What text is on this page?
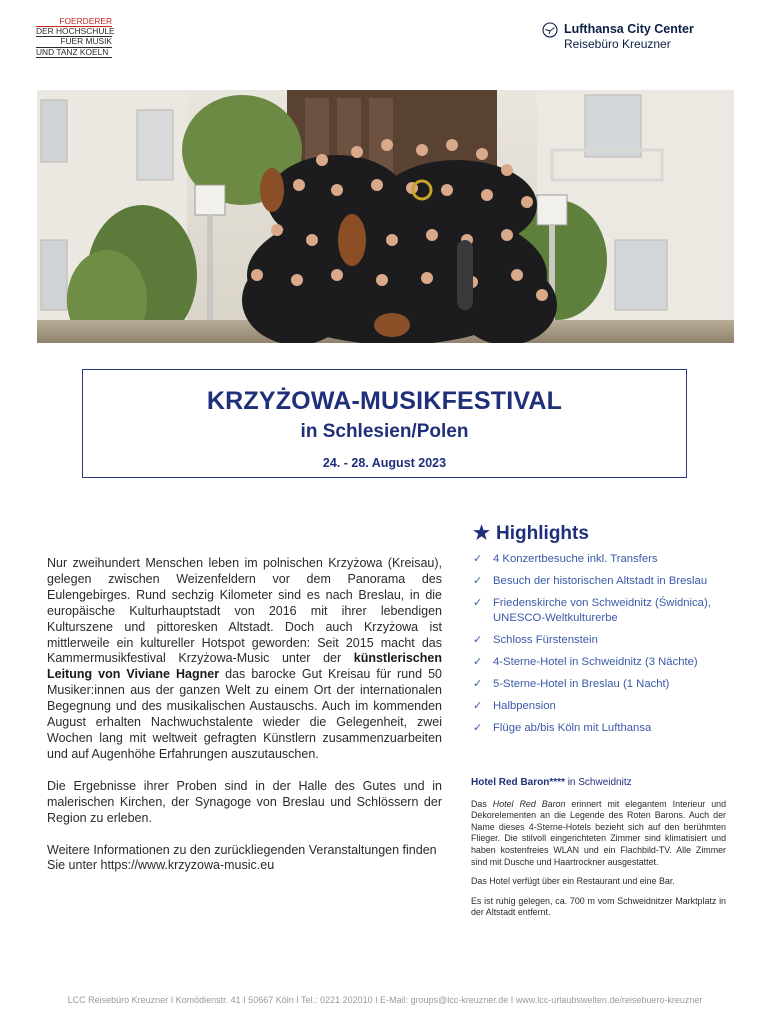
FOERDERER
DER HOCHSCHULE
FUER MUSIK
UND TANZ KOELN
Lufthansa City Center
Reisebüro Kreuzner
KRZYŻOWA-MUSIKFESTIVAL
in Schlesien/Polen
24. - 28. August 2023

Nur zweihundert Menschen leben im polnischen Krzyżowa (Kreisau), gelegen zwischen Weizenfeldern vor dem Panorama des Eulengebirges. Rund sechzig Kilometer sind es nach Breslau, in die europäische Kulturhauptstadt von 2016 mit ihrer lebendigen Kulturszene und pittoresken Altstadt. Doch auch Krzyżowa ist mittlerweile ein kultureller Hotspot geworden: Seit 2015 macht das Kammermusikfestival Krzyżowa-Music unter der künstlerischen Leitung von Viviane Hagner das barocke Gut Kreisau für rund 50 Musiker:innen aus der ganzen Welt zu einem Ort der internationalen Begegnung und des musikalischen Austauschs. Auch im kommenden August erhalten Nachwuchstalente wieder die Gelegenheit, zwei Wochen lang mit weltweit gefragten Künstlern zusammenzuarbeiten und auf Augenhöhe Erfahrungen auszutauschen.

Die Ergebnisse ihrer Proben sind in der Halle des Gutes und in malerischen Kirchen, der Synagoge von Breslau und Schlössern der Region zu erleben.

Weitere Informationen zu den zurückliegenden Veranstaltungen finden Sie unter https://www.krzyzowa-music.eu

★ Highlights
✓ 4 Konzertbesuche inkl. Transfers
✓ Besuch der historischen Altstadt in Breslau
✓ Friedenskirche von Schweidnitz (Świdnica), UNESCO-Weltkulturerbe
✓ Schloss Fürstenstein
✓ 4-Sterne-Hotel in Schweidnitz (3 Nächte)
✓ 5-Sterne-Hotel in Breslau (1 Nacht)
✓ Halbpension
✓ Flüge ab/bis Köln mit Lufthansa
Hotel Red Baron**** in Schweidnitz

Das Hotel Red Baron erinnert mit elegantem Interieur und Dekorelementen an die Legende des Roten Barons. Auch der Name dieses 4-Sterne-Hotels bezieht sich auf den berühmten Flieger. Die stilvoll eingerichteten Zimmer sind klimatisiert und haben kostenfreies WLAN und ein Flachbild-TV. Alle Zimmer sind mit Dusche und Haartrockner ausgestattet.

Das Hotel verfügt über ein Restaurant und eine Bar.

Es ist ruhig gelegen, ca. 700 m vom Schweidnitzer Marktplatz in der Altstadt entfernt.

LCC Reisebüro Kreuzner I Komödienstr. 41 I 50667 Köln I Tel.: 0221 202010 I E-Mail: groups@lcc-kreuzner.de I www.lcc-urlaubswelten.de/reisebuero-kreuzner
